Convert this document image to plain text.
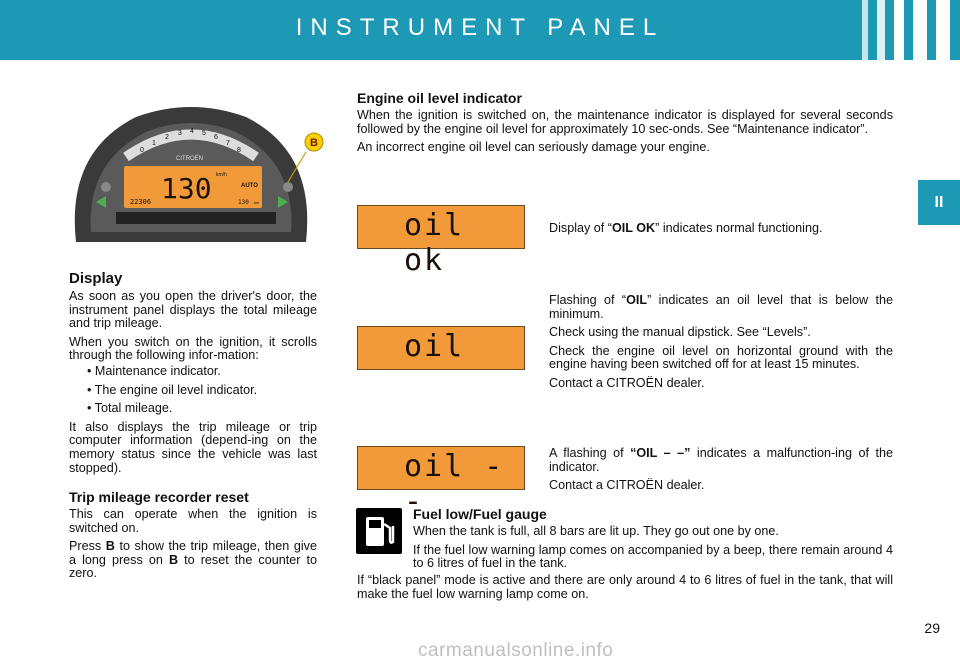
INSTRUMENT PANEL
II
0
1
2
3 4 5
6
7
8
CITROËN
130 km/h
AUTO
22306	130 km
B
Display

As soon as you open the driver's door, the instrument panel displays the total mileage and trip mileage.

When you switch on the ignition, it scrolls through the following infor-mation:

• Maintenance indicator.
• The engine oil level indicator.
• Total mileage.

It also displays the trip mileage or trip computer information (depend-ing on the memory status since the vehicle was last stopped).

Trip mileage recorder reset

This can operate when the ignition is switched on.

Press B to show the trip mileage, then give a long press on B to reset the counter to zero.

Engine oil level indicator

When the ignition is switched on, the maintenance indicator is displayed for several seconds followed by the engine oil level for approximately 10 sec-onds. See “Maintenance indicator”.

An incorrect engine oil level can seriously damage your engine.

oil ok

Display of “OIL OK” indicates normal functioning.

oil

Flashing of “OIL” indicates an oil level that is below the minimum.

Check using the manual dipstick. See “Levels”.

Check the engine oil level on horizontal ground with the engine having been switched off for at least 15 minutes.

Contact a CITROËN dealer.

oil --

A flashing of “OIL – –” indicates a malfunction-ing of the indicator.

Contact a CITROËN dealer.

Fuel low/Fuel gauge

When the tank is full, all 8 bars are lit up. They go out one by one.

If the fuel low warning lamp comes on accompanied by a beep, there remain around 4 to 6 litres of fuel in the tank.

If “black panel” mode is active and there are only around 4 to 6 litres of fuel in the tank, that will make the fuel low warning lamp come on.
29
carmanualsonline.info
